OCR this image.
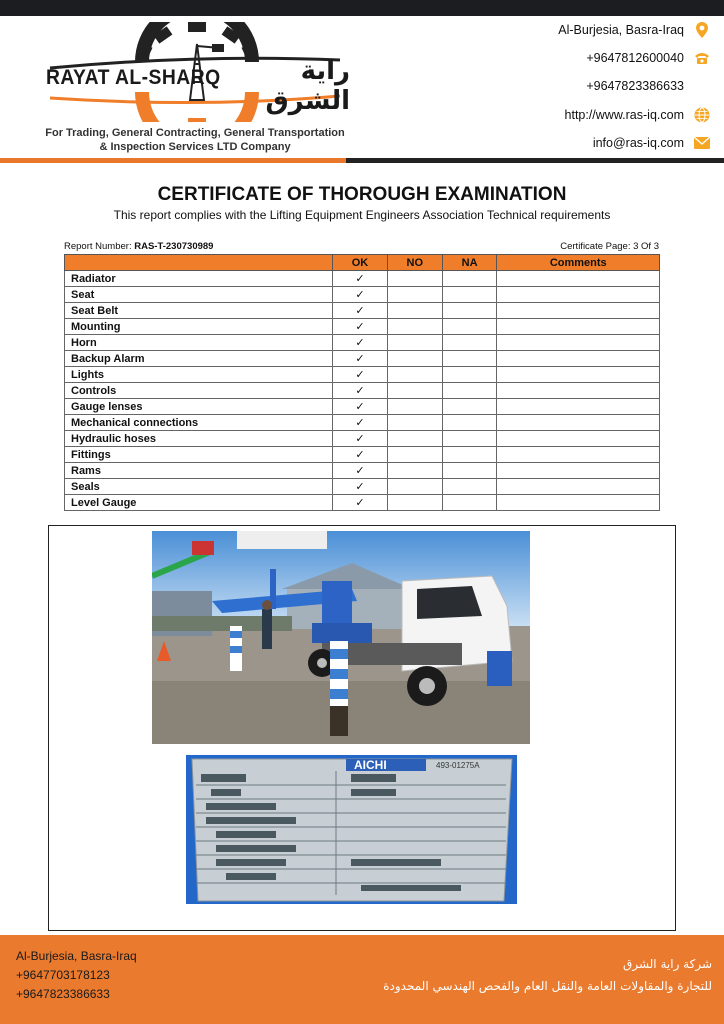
RAYAT AL-SHARQ	راية الشرق
For Trading, General Contracting, General Transportation
& Inspection Services LTD Company
Al-Burjesia, Basra-Iraq
+9647812600040
+9647823386633
http://www.ras-iq.com
info@ras-iq.com
CERTIFICATE OF THOROUGH EXAMINATION
This report complies with the Lifting Equipment Engineers Association Technical requirements
Report Number: RAS-T-230730989	Certificate Page: 3 Of 3
	OK	NO	NA	Comments
Radiator	✓			
Seat	✓			
Seat Belt	✓			
Mounting	✓			
Horn	✓			
Backup Alarm	✓			
Lights	✓			
Controls	✓			
Gauge lenses	✓			
Mechanical connections	✓			
Hydraulic hoses	✓			
Fittings	✓			
Rams	✓			
Seals	✓			
Level Gauge	✓			
AICHI	493-01275A
Al-Burjesia, Basra-Iraq
+9647703178123
+9647823386633
شركة راية الشرق
للتجارة والمقاولات العامة والنقل العام والفحص الهندسي المحدودة
